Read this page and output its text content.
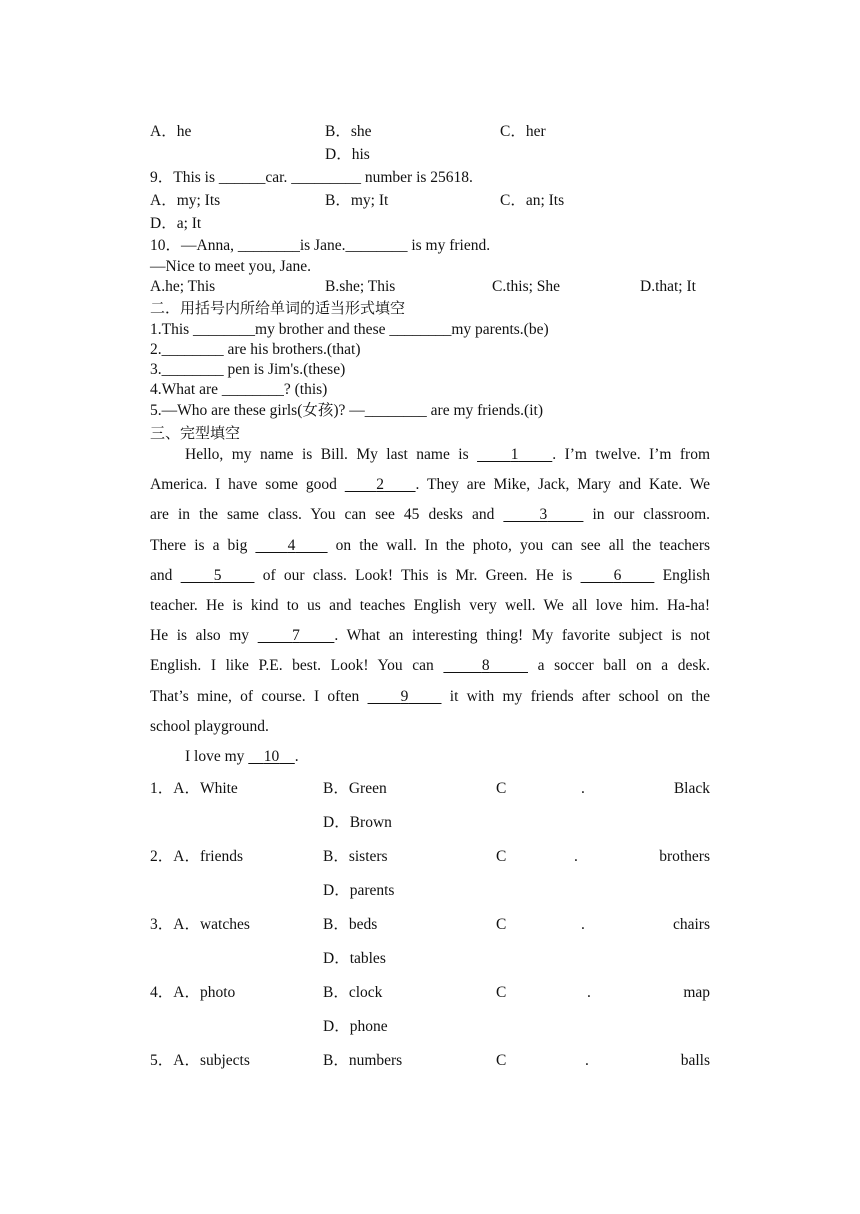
A．he	B．she	C．her
D．his
9．This is ______car. _________ number is 25618.
A．my; Its	B．my; It	C．an; Its
D．a; It
10．—Anna, ________is Jane.________ is my friend.
—Nice to meet you, Jane.
A.he; This	B.she; This	C.this; She	D.that; It
二．用括号内所给单词的适当形式填空
1.This ________my brother and these ________my parents.(be)
2.________ are his brothers.(that)
3.________ pen is Jim's.(these)
4.What are ________? (this)
5.—Who are these girls(女孩)? —________ are my friends.(it)
三、完型填空
Hello, my name is Bill. My last name is     1 . I’m twelve. I’m from
America. I have some good     2 . They are Mike, Jack, Mary and Kate. We
are in the same class. You can see 45 desks and     3	in our classroom.
There is a big     4	on the wall. In the photo, you can see all the teachers
and     5	of our class. Look! This is Mr. Green. He is     6	English
teacher. He is kind to us and teaches English very well. We all love him. Ha-ha!
He is also my     7 . What an interesting thing! My favorite subject is not
English. I like P.E. best. Look! You can     8	a soccer ball on a desk.
That’s mine, of course. I often     9	it with my friends after school on the
school playground.
I love my     10 .
1．A．White	B．Green	C	.	Black
D．Brown
2．A．friends	B．sisters	C	.	brothers
D．parents
3．A．watches	B．beds	C	.	chairs
D．tables
4．A．photo	B．clock	C	.	map
D．phone
5．A．subjects	B．numbers	C	.	balls
